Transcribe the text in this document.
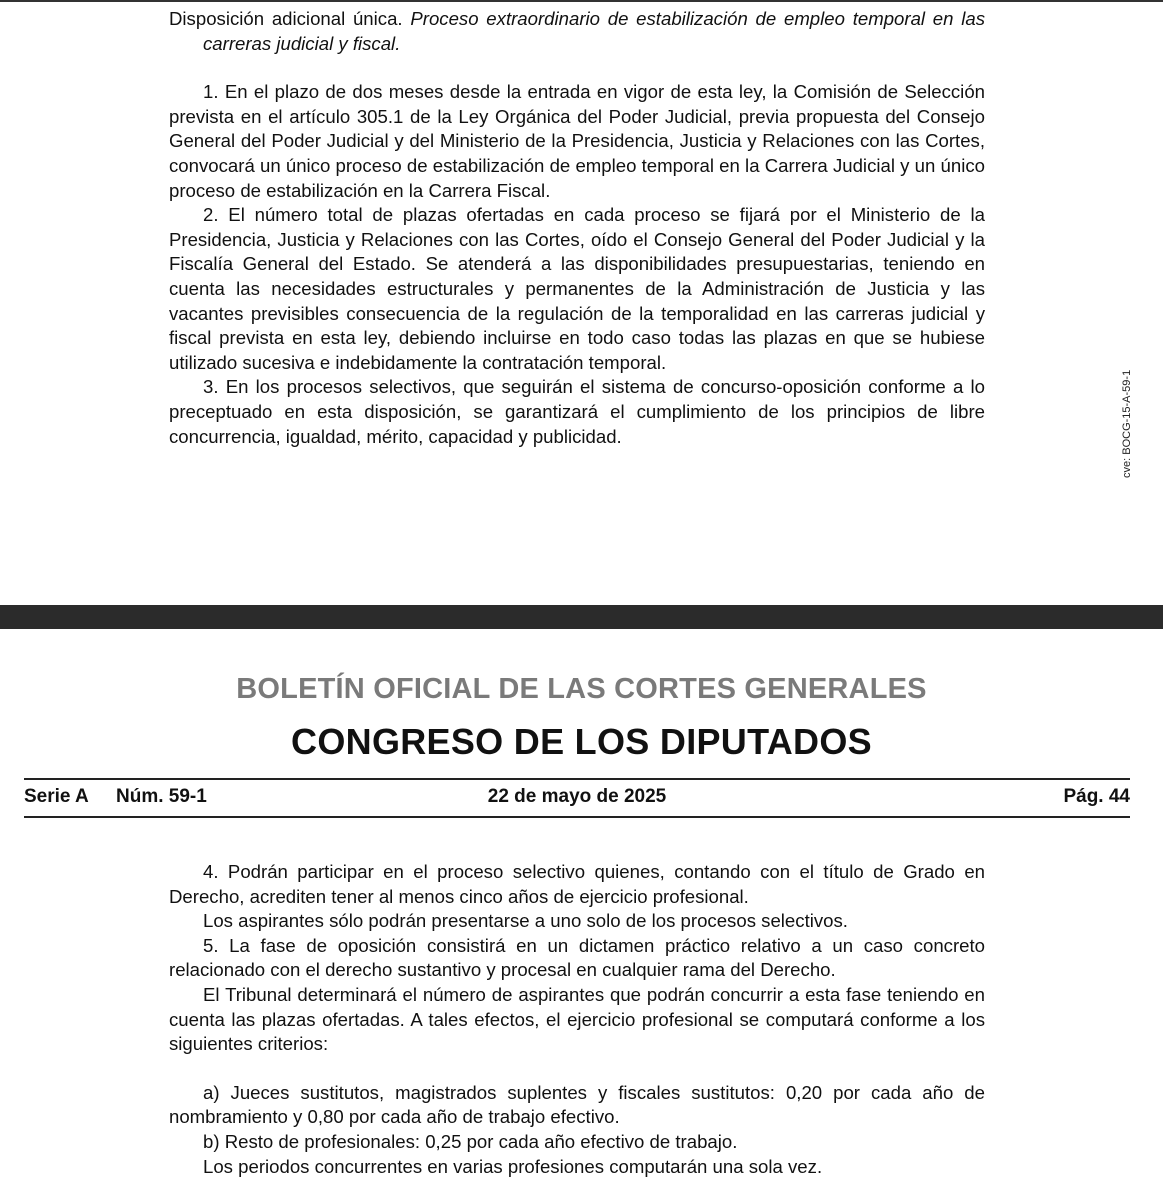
Disposición adicional única. Proceso extraordinario de estabilización de empleo temporal en las carreras judicial y fiscal.

1. En el plazo de dos meses desde la entrada en vigor de esta ley, la Comisión de Selección prevista en el artículo 305.1 de la Ley Orgánica del Poder Judicial, previa propuesta del Consejo General del Poder Judicial y del Ministerio de la Presidencia, Justicia y Relaciones con las Cortes, convocará un único proceso de estabilización de empleo temporal en la Carrera Judicial y un único proceso de estabilización en la Carrera Fiscal.

2. El número total de plazas ofertadas en cada proceso se fijará por el Ministerio de la Presidencia, Justicia y Relaciones con las Cortes, oído el Consejo General del Poder Judicial y la Fiscalía General del Estado. Se atenderá a las disponibilidades presupuestarias, teniendo en cuenta las necesidades estructurales y permanentes de la Administración de Justicia y las vacantes previsibles consecuencia de la regulación de la temporalidad en las carreras judicial y fiscal prevista en esta ley, debiendo incluirse en todo caso todas las plazas en que se hubiese utilizado sucesiva e indebidamente la contratación temporal.

3. En los procesos selectivos, que seguirán el sistema de concurso-oposición conforme a lo preceptuado en esta disposición, se garantizará el cumplimiento de los principios de libre concurrencia, igualdad, mérito, capacidad y publicidad.	cve: BOCG-15-A-59-1
BOLETÍN OFICIAL DE LAS CORTES GENERALES
CONGRESO DE LOS DIPUTADOS
Serie A Núm. 59-1	22 de mayo de 2025	Pág. 44

4. Podrán participar en el proceso selectivo quienes, contando con el título de Grado en Derecho, acrediten tener al menos cinco años de ejercicio profesional.

Los aspirantes sólo podrán presentarse a uno solo de los procesos selectivos.

5. La fase de oposición consistirá en un dictamen práctico relativo a un caso concreto relacionado con el derecho sustantivo y procesal en cualquier rama del Derecho.

El Tribunal determinará el número de aspirantes que podrán concurrir a esta fase teniendo en cuenta las plazas ofertadas. A tales efectos, el ejercicio profesional se computará conforme a los siguientes criterios:

a) Jueces sustitutos, magistrados suplentes y fiscales sustitutos: 0,20 por cada año de nombramiento y 0,80 por cada año de trabajo efectivo.

b) Resto de profesionales: 0,25 por cada año efectivo de trabajo.

Los periodos concurrentes en varias profesiones computarán una sola vez.
